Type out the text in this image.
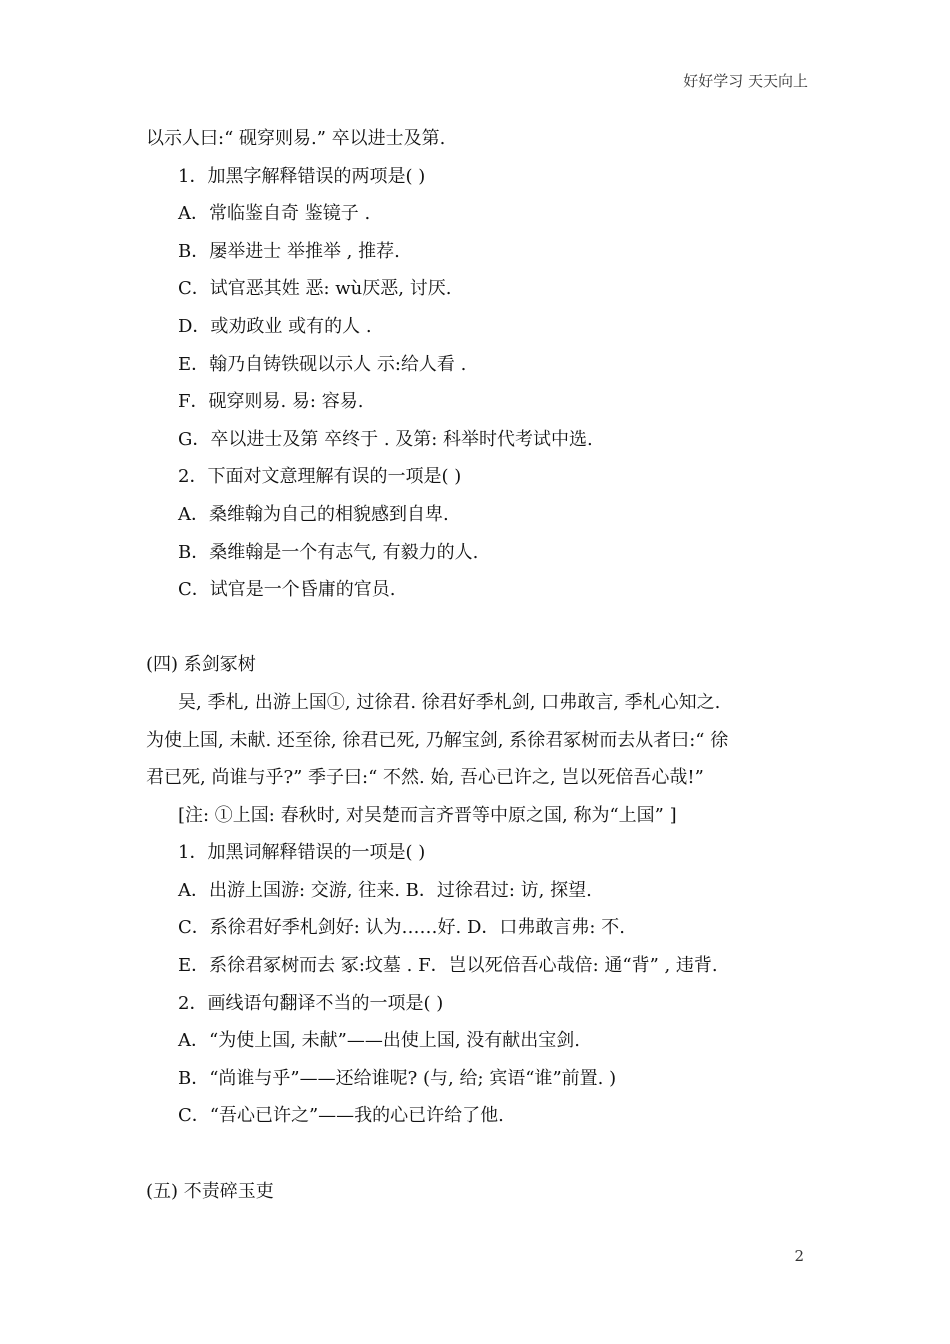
好好学习 天天向上
以示人曰:“ 砚穿则易.” 卒以进士及第.
1．加黑字解释错误的两项是( )
A．常临鉴自奇 鉴镜子 .
B．屡举进士 举推举 , 推荐.
C．试官恶其姓 恶: wù厌恶, 讨厌.
D．或劝政业 或有的人 .
E．翰乃自铸铁砚以示人 示:给人看 .
F．砚穿则易. 易: 容易.
G．卒以进士及第 卒终于 . 及第: 科举时代考试中选.
2．下面对文意理解有误的一项是( )
A．桑维翰为自己的相貌感到自卑.
B．桑维翰是一个有志气, 有毅力的人.
C．试官是一个昏庸的官员.
(四) 系剑冢树
吴, 季札, 出游上国①, 过徐君. 徐君好季札剑, 口弗敢言, 季札心知之.
为使上国, 未献. 还至徐, 徐君已死, 乃解宝剑, 系徐君冢树而去从者曰:“ 徐
君已死, 尚谁与乎?” 季子曰:“ 不然. 始, 吾心已许之, 岂以死倍吾心哉!”
[注: ①上国: 春秋时, 对吴楚而言齐晋等中原之国, 称为“上国” ]
1．加黑词解释错误的一项是( )
A．出游上国游: 交游, 往来. B．过徐君过: 访, 探望.
C．系徐君好季札剑好: 认为……好. D．口弗敢言弗: 不.
E．系徐君冢树而去 冢:坟墓 . F．岂以死倍吾心哉倍: 通“背” , 违背.
2．画线语句翻译不当的一项是( )
A．“为使上国, 未献”——出使上国, 没有献出宝剑.
B．“尚谁与乎”——还给谁呢? (与, 给; 宾语“谁”前置. )
C．“吾心已许之”——我的心已许给了他.
(五) 不责碎玉吏
2
